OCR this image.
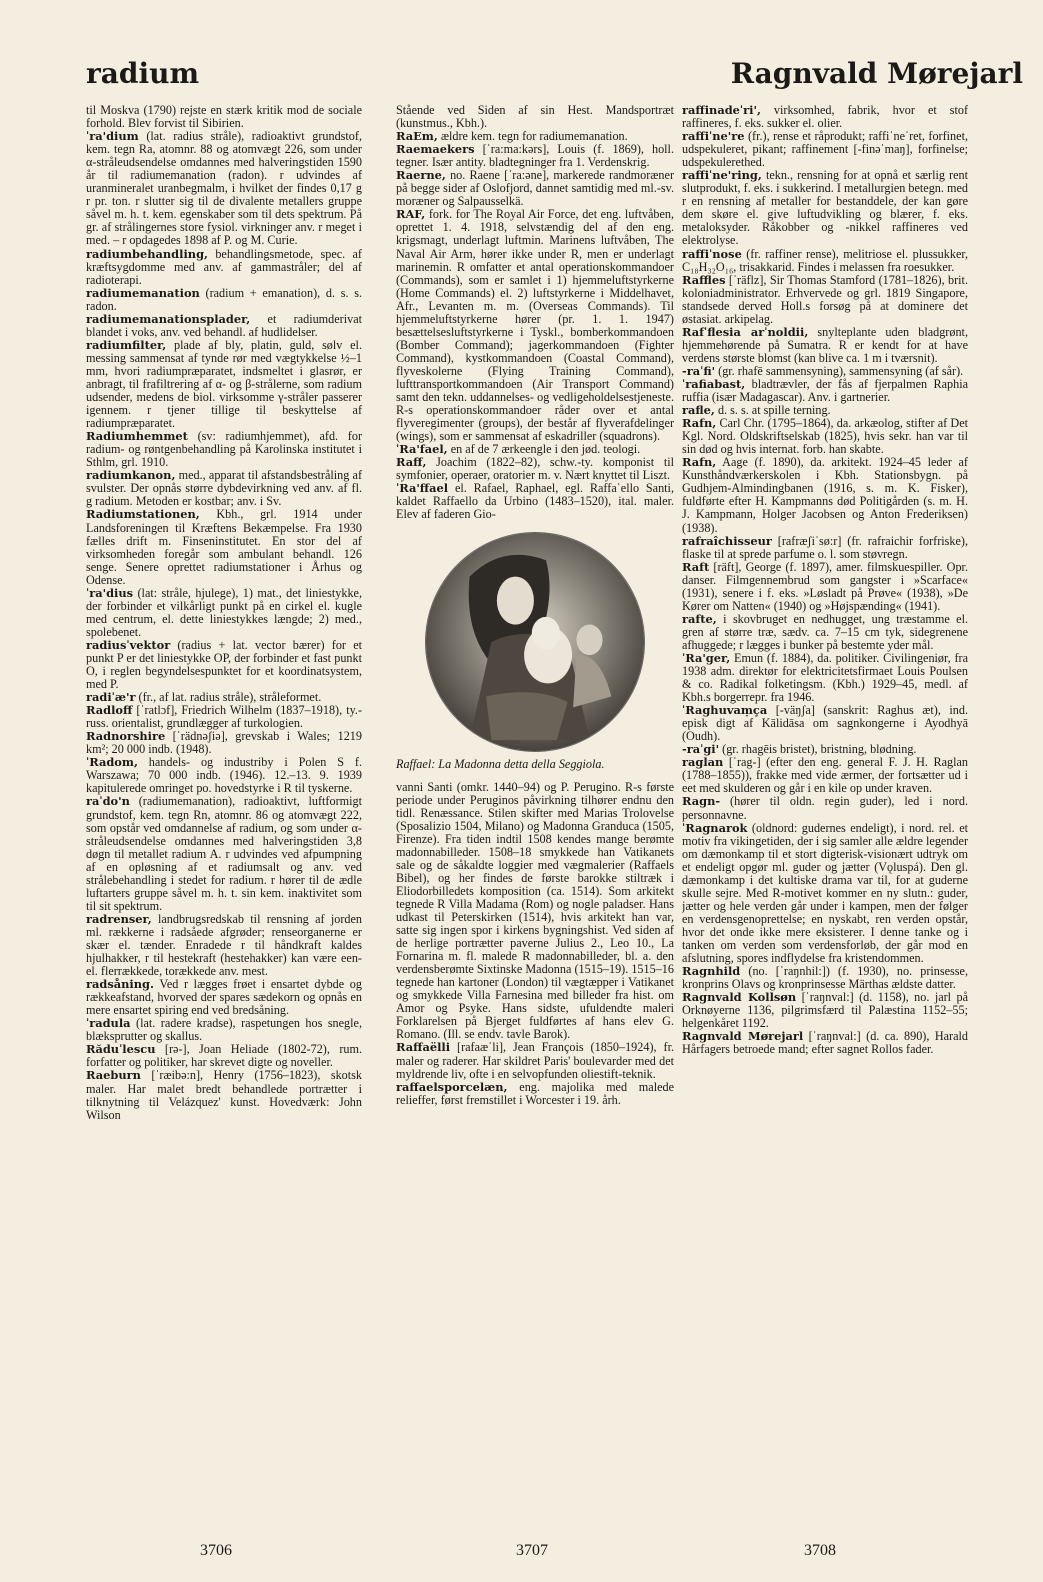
radium	Ragnvald Mørejarl

til Moskva (1790) rejste en stærk kritik mod de sociale forhold. Blev forvist til Sibirien.

ˈra'dium (lat. radius stråle), radioaktivt grundstof, kem. tegn Ra, atomnr. 88 og atomvægt 226, som under α-stråleudsendelse omdannes med halveringstiden 1590 år til radiumemanation (radon). r udvindes af uranmineralet uranbegmalm, i hvilket der findes 0,17 g r pr. ton. r slutter sig til de divalente metallers gruppe såvel m. h. t. kem. egenskaber som til dets spektrum. På gr. af strålingernes store fysiol. virkninger anv. r meget i med. – r opdagedes 1898 af P. og M. Curie.

radiumbehandling, behandlingsmetode, spec. af kræftsygdomme med anv. af gammastråler; del af radioterapi.

radiumemanation (radium + emanation), d. s. s. radon.

radiumemanationsplader, et radiumderivat blandet i voks, anv. ved behandl. af hudlidelser.

radiumfilter, plade af bly, platin, guld, sølv el. messing sammensat af tynde rør med vægtykkelse ½–1 mm, hvori radiumpræparatet, indsmeltet i glasrør, er anbragt, til frafiltrering af α- og β-strålerne, som radium udsender, medens de biol. virksomme γ-stråler passerer igennem. r tjener tillige til beskyttelse af radiumpræparatet.

Radiumhemmet (sv: radiumhjemmet), afd. for radium- og røntgenbehandling på Karolinska institutet i Sthlm, grl. 1910.

radiumkanon, med., apparat til afstandsbestråling af svulster. Der opnås større dybdevirkning ved anv. af fl. g radium. Metoden er kostbar; anv. i Sv.

Radiumstationen, Kbh., grl. 1914 under Landsforeningen til Kræftens Bekæmpelse. Fra 1930 fælles drift m. Finseninstitutet. En stor del af virksomheden foregår som ambulant behandl. 126 senge. Senere oprettet radiumstationer i Århus og Odense.

ˈra'dius (lat: stråle, hjulege), 1) mat., det liniestykke, der forbinder et vilkårligt punkt på en cirkel el. kugle med centrum, el. dette liniestykkes længde; 2) med., spolebenet.

radiusˈvektor (radius + lat. vector bærer) for et punkt P er det liniestykke OP, der forbinder et fast punkt O, i reglen begyndelsespunktet for et koordinatsystem, med P.

radiˈæ'r (fr., af lat. radius stråle), stråleformet.

Radloff [ˈratlɔf], Friedrich Wilhelm (1837–1918), ty.-russ. orientalist, grundlægger af turkologien.

Radnorshire [ˈrädnəʃiə], grevskab i Wales; 1219 km²; 20 000 indb. (1948).

ˈRadom, handels- og industriby i Polen S f. Warszawa; 70 000 indb. (1946). 12.–13. 9. 1939 kapitulerede omringet po. hovedstyrke i R til tyskerne.

raˈdo'n (radiumemanation), radioaktivt, luftformigt grundstof, kem. tegn Rn, atomnr. 86 og atomvægt 222, som opstår ved omdannelse af radium, og som under α-stråleudsendelse omdannes med halveringstiden 3,8 døgn til metallet radium A. r udvindes ved afpumpning af en opløsning af et radiumsalt og anv. ved strålebehandling i stedet for radium. r hører til de ædle luftarters gruppe såvel m. h. t. sin kem. inaktivitet som til sit spektrum.

radrenser, landbrugsredskab til rensning af jorden ml. rækkerne i radsåede afgrøder; renseorganerne er skær el. tænder. Enradede r til håndkraft kaldes hjulhakker, r til hestekraft (hestehakker) kan være een- el. flerrækkede, torækkede anv. mest.

radsåning. Ved r lægges frøet i ensartet dybde og rækkeafstand, hvorved der spares sædekorn og opnås en mere ensartet spiring end ved bredsåning.

ˈradula (lat. radere kradse), raspetungen hos snegle, blæksprutter og skallus.

Răduˈlescu [rə-], Joan Heliade (1802-72), rum. forfatter og politiker, har skrevet digte og noveller.

Raeburn [ˈræibə:n], Henry (1756–1823), skotsk maler. Har malet bredt behandlede portrætter i tilknytning til Velázquez' kunst. Hovedværk: John Wilson

Stående ved Siden af sin Hest. Mandsportræt (kunstmus., Kbh.).

RaEm, ældre kem. tegn for radiumemanation.

Raemaekers [ˈra:ma:kərs], Louis (f. 1869), holl. tegner. Især antity. bladtegninger fra 1. Verdenskrig.

Raerne, no. Raene [ˈra:əne], markerede randmoræner på begge sider af Oslofjord, dannet samtidig med ml.-sv. moræner og Salpausselkä.

RAF, fork. for The Royal Air Force, det eng. luftvåben, oprettet 1. 4. 1918, selvstændig del af den eng. krigsmagt, underlagt luftmin. Marinens luftvåben, The Naval Air Arm, hører ikke under R, men er underlagt marinemin. R omfatter et antal operationskommandoer (Commands), som er samlet i 1) hjemmeluftstyrkerne (Home Commands) el. 2) luftstyrkerne i Middelhavet, Afr., Levanten m. m. (Overseas Commands). Til hjemmeluftstyrkerne hører (pr. 1. 1. 1947) besættelsesluftstyrkerne i Tyskl., bomberkommandoen (Bomber Command); jagerkommandoen (Fighter Command), kystkommandoen (Coastal Command), flyveskolerne (Flying Training Command), lufttransportkommandoen (Air Transport Command) samt den tekn. uddannelses- og vedligeholdelsestjeneste. R-s operationskommandoer råder over et antal flyveregimenter (groups), der består af flyverafdelinger (wings), som er sammensat af eskadriller (squadrons).

ˈRa'fael, en af de 7 ærkeengle i den jød. teologi.

Raff, Joachim (1822–82), schw.-ty. komponist til symfonier, operaer, oratorier m. v. Nært knyttet til Liszt.

ˈRa'ffael el. Rafael, Raphael, egl. Raffaˈello Santi, kaldet Raffaello da Urbino (1483–1520), ital. maler. Elev af faderen Gio-

Raffael: La Madonna detta della Seggiola.

vanni Santi (omkr. 1440–94) og P. Perugino. R-s første periode under Peruginos påvirkning tilhører endnu den tidl. Renæssance. Stilen skifter med Marias Trolovelse (Sposalizio 1504, Milano) og Madonna Granduca (1505, Firenze). Fra tiden indtil 1508 kendes mange berømte madonnabilleder. 1508–18 smykkede han Vatikanets sale og de såkaldte loggier med vægmalerier (Raffaels Bibel), og her findes de første barokke stiltræk i Eliodorbilledets komposition (ca. 1514). Som arkitekt tegnede R Villa Madama (Rom) og nogle paladser. Hans udkast til Peterskirken (1514), hvis arkitekt han var, satte sig ingen spor i kirkens bygningshist. Ved siden af de herlige portrætter paverne Julius 2., Leo 10., La Fornarina m. fl. malede R madonnabilleder, bl. a. den verdensberømte Sixtinske Madonna (1515–19). 1515–16 tegnede han kartoner (London) til vægtæpper i Vatikanet og smykkede Villa Farnesina med billeder fra hist. om Amor og Psyke. Hans sidste, ufuldendte maleri Forklarelsen på Bjerget fuldførtes af hans elev G. Romano. (Ill. se endv. tavle Barok).

Raffaëlli [rafaæˈli], Jean François (1850–1924), fr. maler og raderer. Har skildret Paris' boulevarder med det myldrende liv, ofte i en selvopfunden oliestift-teknik.

raffaelsporcelæn, eng. majolika med malede relieffer, først fremstillet i Worcester i 19. årh.

raffinadeˈri', virksomhed, fabrik, hvor et stof raffineres, f. eks. sukker el. olier.

raffiˈne're (fr.), rense et råprodukt; raffiˈneˈret, forfinet, udspekuleret, pikant; raffinement [-finəˈmaŋ], forfinelse; udspekulerethed.

raffiˈne'ring, tekn., rensning for at opnå et særlig rent slutprodukt, f. eks. i sukkerind. I metallurgien betegn. med r en rensning af metaller for bestanddele, der kan gøre dem skøre el. give luftudvikling og blærer, f. eks. metaloksyder. Råkobber og -nikkel raffineres ved elektrolyse.

raffiˈnose (fr. raffiner rense), melitriose el. plussukker, C₁₈H₃₂O₁₆, trisakkarid. Findes i melassen fra roesukker.

Raffles [ˈräflz], Sir Thomas Stamford (1781–1826), brit. koloniadministrator. Erhvervede og grl. 1819 Singapore, standsede derved Holl.s forsøg på at dominere det østasiat. arkipelag.

Rafˈflesia arˈnoldii, snylteplante uden bladgrønt, hjemmehørende på Sumatra. R er kendt for at have verdens største blomst (kan blive ca. 1 m i tværsnit).

-raˈfi' (gr. rhafē sammensyning), sammensyning (af sår).

ˈrafiabast, bladtrævler, der fås af fjerpalmen Raphia ruffia (især Madagascar). Anv. i gartnerier.

rafle, d. s. s. at spille terning.

Rafn, Carl Chr. (1795–1864), da. arkæolog, stifter af Det Kgl. Nord. Oldskriftselskab (1825), hvis sekr. han var til sin død og hvis internat. forb. han skabte.

Rafn, Aage (f. 1890), da. arkitekt. 1924–45 leder af Kunsthåndværkerskolen i Kbh. Stationsbygn. på Gudhjem-Almindingbanen (1916, s. m. K. Fisker), fuldførte efter H. Kampmanns død Politigården (s. m. H. J. Kampmann, Holger Jacobsen og Anton Frederiksen) (1938).

rafraîchisseur [rafræʃiˈsø:r] (fr. rafraichir forfriske), flaske til at sprede parfume o. l. som støvregn.

Raft [räft], George (f. 1897), amer. filmskuespiller. Opr. danser. Filmgennembrud som gangster i »Scarface« (1931), senere i f. eks. »Løsladt på Prøve« (1938), »De Kører om Natten« (1940) og »Højspænding« (1941).

rafte, i skovbruget en nedhugget, ung træstamme el. gren af større træ, sædv. ca. 7–15 cm tyk, sidegrenene afhuggede; r lægges i bunker på bestemte yder mål.

ˈRa'ger, Emun (f. 1884), da. politiker. Civilingeniør, fra 1938 adm. direktør for elektricitetsfirmaet Louis Poulsen & co. Radikal folketingsm. (Kbh.) 1929–45, medl. af Kbh.s borgerrepr. fra 1946.

ˈRaghuvaṃça [-väŋʃa] (sanskrit: Raghus æt), ind. episk digt af Kālidāsa om sagnkongerne i Ayodhyā (Oudh).

-raˈgi' (gr. rhagēis bristet), bristning, blødning.

raglan [ˈrag-] (efter den eng. general F. J. H. Raglan (1788–1855)), frakke med vide ærmer, der fortsætter ud i eet med skulderen og går i en kile op under kraven.

Ragn- (hører til oldn. regin guder), led i nord. personnavne.

ˈRagnarok (oldnord: gudernes endeligt), i nord. rel. et motiv fra vikingetiden, der i sig samler alle ældre legender om dæmonkamp til et stort digterisk-visionært udtryk om et endeligt opgør ml. guder og jætter (Vǫluspá). Den gl. dæmonkamp i det kultiske drama var til, for at guderne skulle sejre. Med R-motivet kommer en ny slutn.: guder, jætter og hele verden går under i kampen, men der følger en verdensgenoprettelse; en nyskabt, ren verden opstår, hvor det onde ikke mere eksisterer. I denne tanke og i tanken om verden som verdensforløb, der går mod en afslutning, spores indflydelse fra kristendommen.

Ragnhild (no. [ˈraŋnhil:]) (f. 1930), no. prinsesse, kronprins Olavs og kronprinsesse Märthas ældste datter.

Ragnvald Kollsøn [ˈraŋnval:] (d. 1158), no. jarl på Orknøyerne 1136, pilgrimsfærd til Palæstina 1152–55; helgenkåret 1192.

Ragnvald Mørejarl [ˈraŋnval:] (d. ca. 890), Harald Hårfagers betroede mand; efter sagnet Rollos fader.

3706	3707	3708
